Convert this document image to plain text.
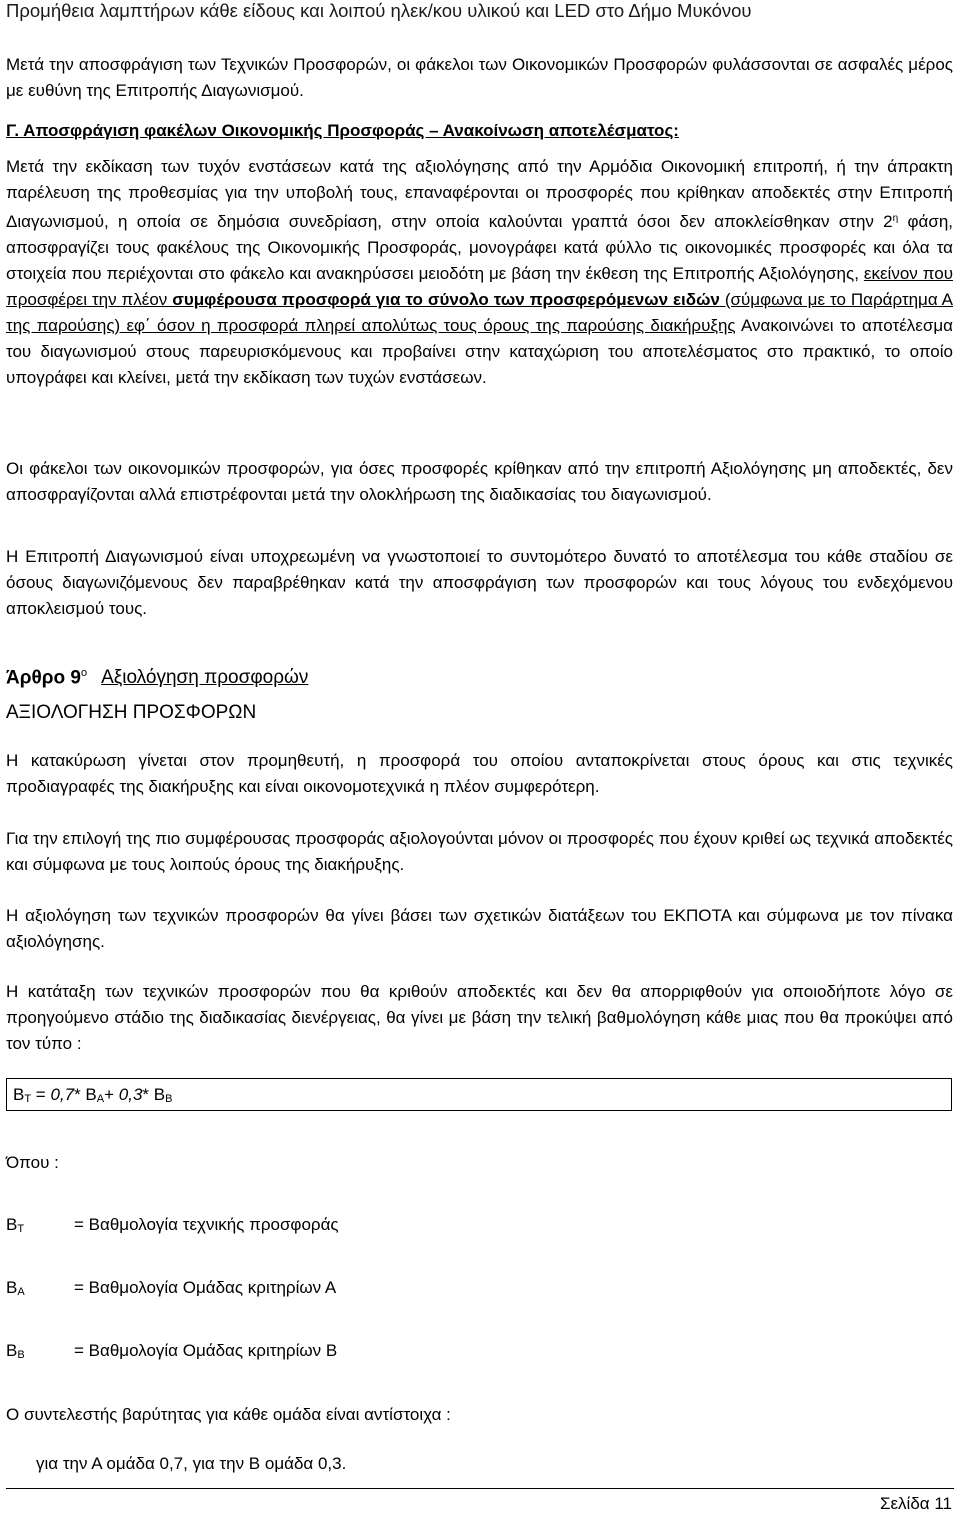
Προμήθεια λαμπτήρων κάθε είδους και λοιπού ηλεκ/κου υλικού και LED στο Δήμο Μυκόνου

Μετά την αποσφράγιση των Τεχνικών Προσφορών, οι φάκελοι των Οικονομικών Προσφορών φυλάσσονται σε ασφαλές μέρος με ευθύνη της Επιτροπής Διαγωνισμού.

Γ. Αποσφράγιση φακέλων Οικονομικής Προσφοράς – Ανακοίνωση αποτελέσματος:

Μετά την εκδίκαση των τυχόν ενστάσεων κατά της αξιολόγησης από την Αρμόδια Οικονομική επιτροπή, ή την άπρακτη παρέλευση της προθεσμίας για την υποβολή τους, επαναφέρονται οι προσφορές που κρίθηκαν αποδεκτές στην Επιτροπή Διαγωνισμού, η οποία σε δημόσια συνεδρίαση, στην οποία καλούνται γραπτά όσοι δεν αποκλείσθηκαν στην $2^\eta$ φάση, αποσφραγίζει τους φακέλους της Οικονομικής Προσφοράς, μονογράφει κατά φύλλο τις οικονομικές προσφορές και όλα τα στοιχεία που περιέχονται στο φάκελο και ανακηρύσσει μειοδότη με βάση την έκθεση της Επιτροπής Αξιολόγησης, εκείνον που προσφέρει την πλέον συμφέρουσα προσφορά για το σύνολο των προσφερόμενων ειδών (σύμφωνα με το Παράρτημα Α της παρούσης) εφ΄ όσον η προσφορά πληρεί απολύτως τους όρους της παρούσης διακήρυξης Ανακοινώνει το αποτέλεσμα του διαγωνισμού στους παρευρισκόμενους και προβαίνει στην καταχώριση του αποτελέσματος στο πρακτικό, το οποίο υπογράφει και κλείνει, μετά την εκδίκαση των τυχών ενστάσεων.

Οι φάκελοι των οικονομικών προσφορών, για όσες προσφορές κρίθηκαν από την επιτροπή Αξιολόγησης μη αποδεκτές, δεν αποσφραγίζονται αλλά επιστρέφονται μετά την ολοκλήρωση της διαδικασίας του διαγωνισμού.

Η Επιτροπή Διαγωνισμού είναι υποχρεωμένη να γνωστοποιεί το συντομότερο δυνατό το αποτέλεσμα του κάθε σταδίου σε όσους διαγωνιζόμενους δεν παραβρέθηκαν κατά την αποσφράγιση των προσφορών και τους λόγους του ενδεχόμενου αποκλεισμού τους.

Άρθρο $9^o$ Αξιολόγηση προσφορών
ΑΞΙΟΛΟΓΗΣΗ ΠΡΟΣΦΟΡΩΝ

Η κατακύρωση γίνεται στον προμηθευτή, η προσφορά του οποίου ανταποκρίνεται στους όρους και στις τεχνικές προδιαγραφές της διακήρυξης και είναι οικονομοτεχνικά η πλέον συμφερότερη.

Για την επιλογή της πιο συμφέρουσας προσφοράς αξιολογούνται μόνον οι προσφορές που έχουν κριθεί ως τεχνικά αποδεκτές και σύμφωνα με τους λοιπούς όρους της διακήρυξης.

Η αξιολόγηση των τεχνικών προσφορών θα γίνει βάσει των σχετικών διατάξεων του ΕΚΠΟΤΑ και σύμφωνα με τον πίνακα αξιολόγησης.

Η κατάταξη των τεχνικών προσφορών που θα κριθούν αποδεκτές και δεν θα απορριφθούν για οποιοδήποτε λόγο σε προηγούμενο στάδιο της διαδικασίας διενέργειας, θα γίνει με βάση την τελική βαθμολόγηση κάθε μιας που θα προκύψει από τον τύπο :

$B_T = 0,7*$ $B_A+ 0,3*$ $B_B$
Όπου :
$B_T$	= Βαθμολογία τεχνικής προσφοράς
$B_A$	= Βαθμολογία Ομάδας κριτηρίων Α
$B_B$	= Βαθμολογία Ομάδας κριτηρίων Β
Ο συντελεστής βαρύτητας για κάθε ομάδα είναι αντίστοιχα :
για την Α ομάδα 0,7, για την Β ομάδα 0,3.
Σελίδα 11
